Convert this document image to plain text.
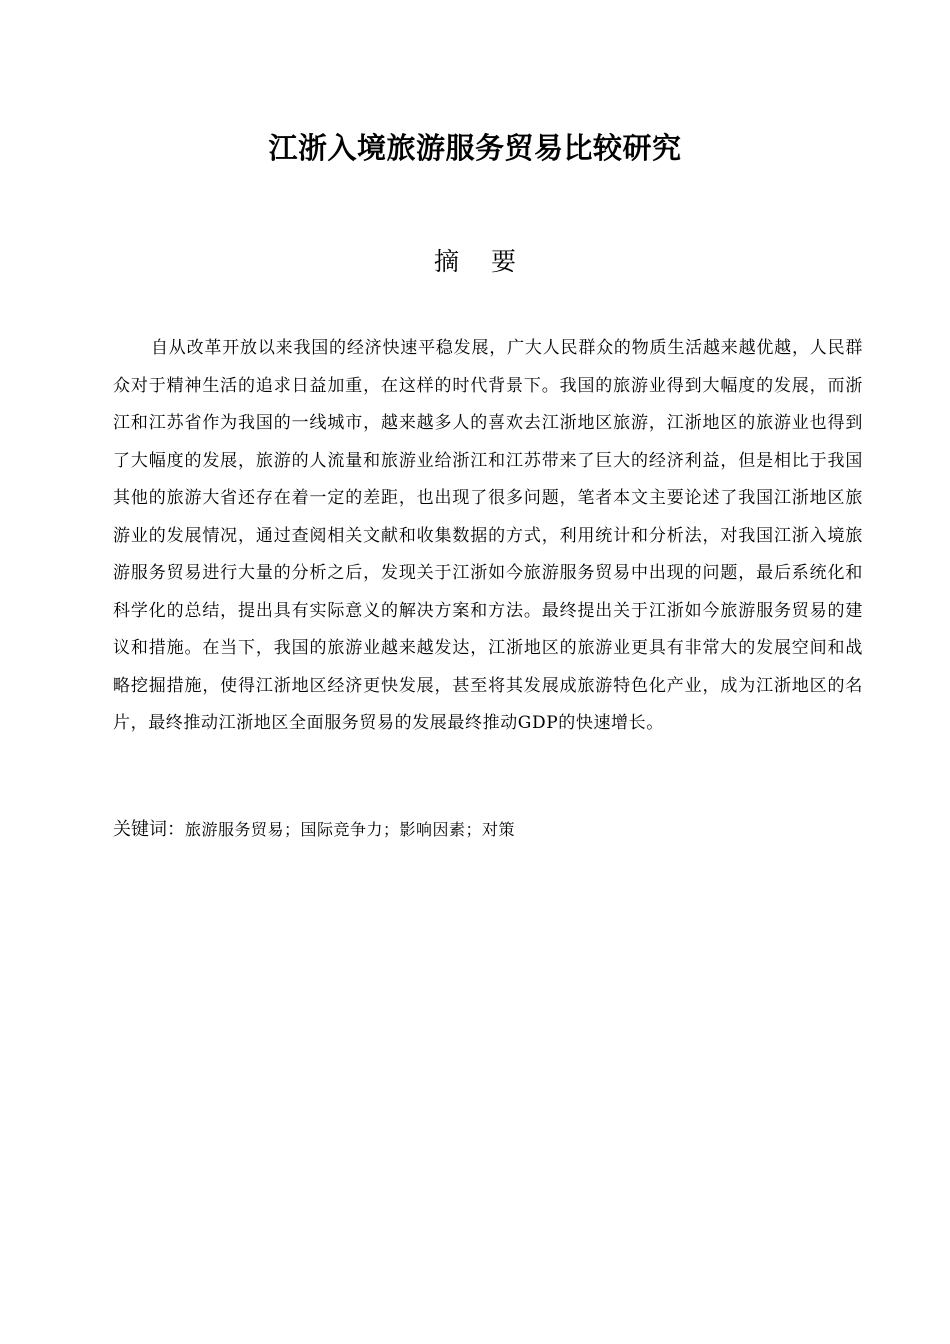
江浙入境旅游服务贸易比较研究
摘 要

自从改革开放以来我国的经济快速平稳发展，广大人民群众的物质生活越来越优越，人民群众对于精神生活的追求日益加重，在这样的时代背景下。我国的旅游业得到大幅度的发展，而浙江和江苏省作为我国的一线城市，越来越多人的喜欢去江浙地区旅游，江浙地区的旅游业也得到了大幅度的发展，旅游的人流量和旅游业给浙江和江苏带来了巨大的经济利益，但是相比于我国其他的旅游大省还存在着一定的差距，也出现了很多问题，笔者本文主要论述了我国江浙地区旅游业的发展情况，通过查阅相关文献和收集数据的方式，利用统计和分析法，对我国江浙入境旅游服务贸易进行大量的分析之后，发现关于江浙如今旅游服务贸易中出现的问题，最后系统化和科学化的总结，提出具有实际意义的解决方案和方法。最终提出关于江浙如今旅游服务贸易的建议和措施。在当下，我国的旅游业越来越发达，江浙地区的旅游业更具有非常大的发展空间和战略挖掘措施，使得江浙地区经济更快发展，甚至将其发展成旅游特色化产业，成为江浙地区的名片，最终推动江浙地区全面服务贸易的发展最终推动GDP的快速增长。

关键词：旅游服务贸易；国际竞争力；影响因素；对策
